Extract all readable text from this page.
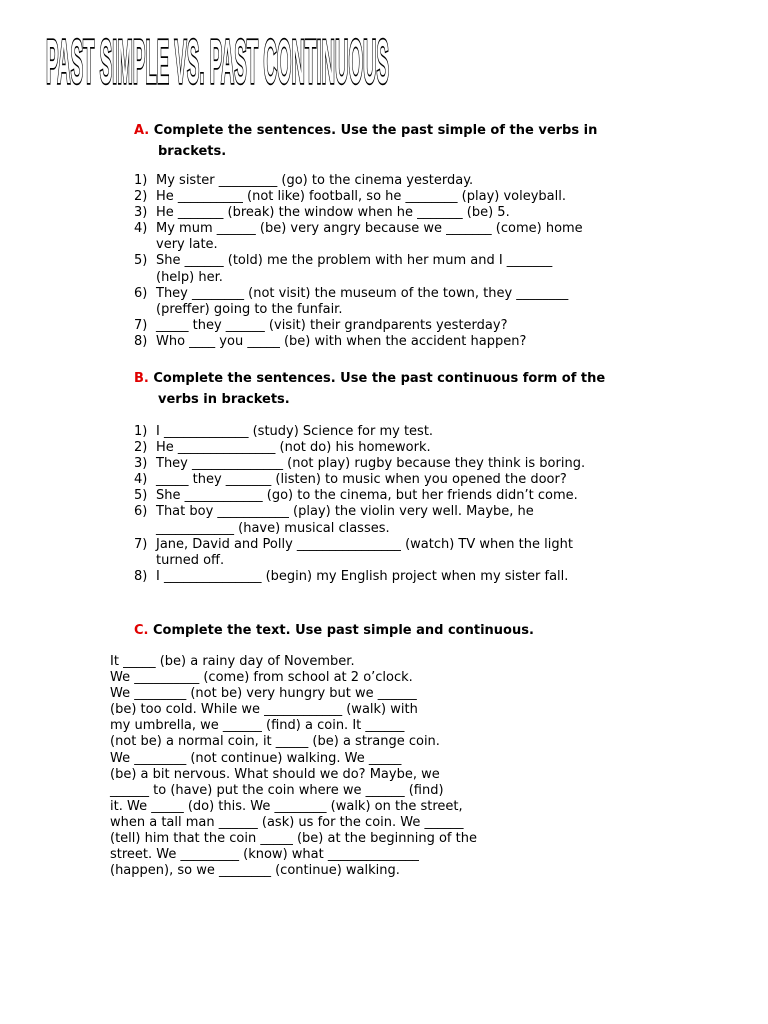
PAST SIMPLE VS. PAST CONTINUOUS
A. Complete the sentences. Use the past simple of the verbs in
brackets.
1) My sister _________ (go) to the cinema yesterday.
2) He __________ (not like) football, so he ________ (play) voleyball.
3) He _______ (break) the window when he _______ (be) 5.
4) My mum ______ (be) very angry because we _______ (come) home
very late.
5) She ______ (told) me the problem with her mum and I _______
(help) her.
6) They ________ (not visit) the museum of the town, they ________
(preffer) going to the funfair.
7) _____ they ______ (visit) their grandparents yesterday?
8) Who ____ you _____ (be) with when the accident happen?
B. Complete the sentences. Use the past continuous form of the
verbs in brackets.
1) I _____________ (study) Science for my test.
2) He _______________ (not do) his homework.
3) They ______________ (not play) rugby because they think is boring.
4) _____ they _______ (listen) to music when you opened the door?
5) She ____________ (go) to the cinema, but her friends didn’t come.
6) That boy ___________ (play) the violin very well. Maybe, he
____________ (have) musical classes.
7) Jane, David and Polly ________________ (watch) TV when the light
turned off.
8) I _______________ (begin) my English project when my sister fall.
C. Complete the text. Use past simple and continuous.
It _____ (be) a rainy day of November.
We __________ (come) from school at 2 o’clock.
We ________ (not be) very hungry but we ______
(be) too cold. While we ____________ (walk) with
my umbrella, we ______ (find) a coin. It ______
(not be) a normal coin, it _____ (be) a strange coin.
We ________ (not continue) walking. We _____
(be) a bit nervous. What should we do? Maybe, we
______ to (have) put the coin where we ______ (find)
it. We _____ (do) this. We ________ (walk) on the street,
when a tall man ______ (ask) us for the coin. We ______
(tell) him that the coin _____ (be) at the beginning of the
street. We _________ (know) what ______________
(happen), so we ________ (continue) walking.
